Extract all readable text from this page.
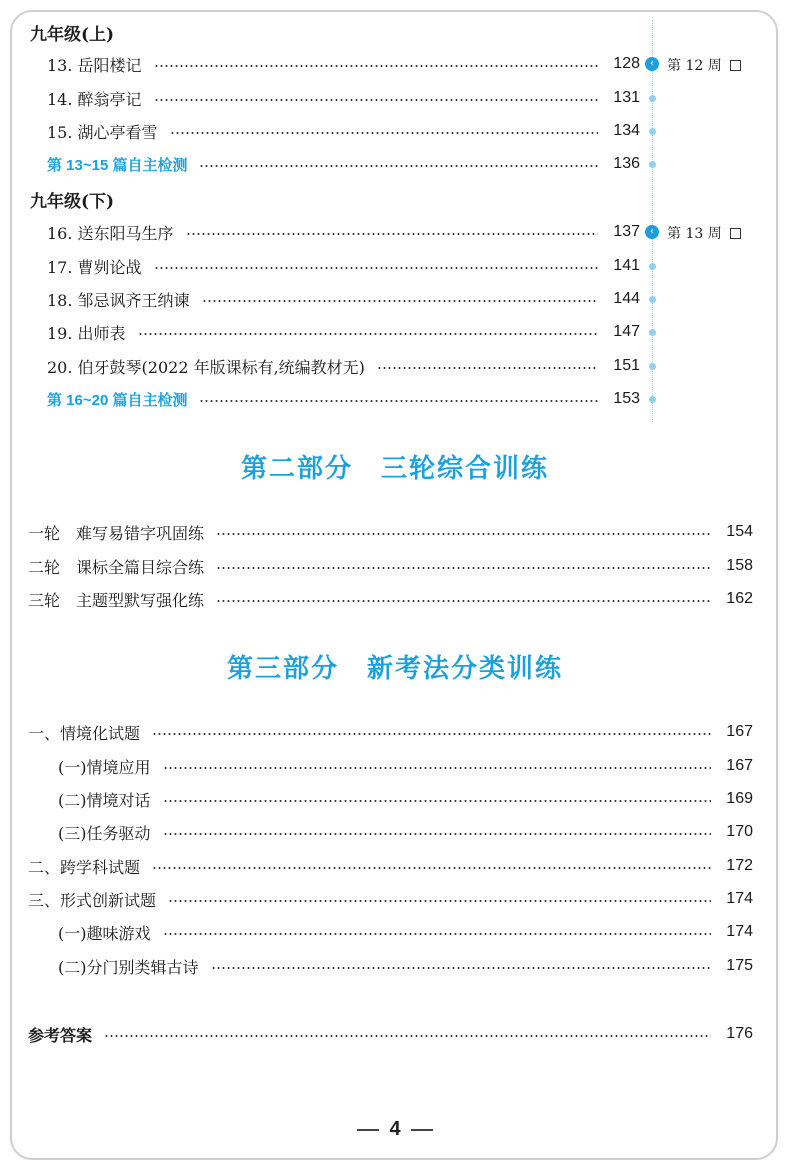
九年级(上)
13. 岳阳楼记	128
14. 醉翁亭记	131
15. 湖心亭看雪	134
第 13~15 篇自主检测	136
‹ 第 12 周
九年级(下)
16. 送东阳马生序	137
17. 曹刿论战	141
18. 邹忌讽齐王纳谏	144
19. 出师表	147
20. 伯牙鼓琴(2022 年版课标有,统编教材无)	151
第 16~20 篇自主检测	153
‹ 第 13 周
第二部分　三轮综合训练
一轮　难写易错字巩固练	154
二轮　课标全篇目综合练	158
三轮　主题型默写强化练	162
第三部分　新考法分类训练
一、情境化试题	167
(一)情境应用	167
(二)情境对话	169
(三)任务驱动	170
二、跨学科试题	172
三、形式创新试题	174
(一)趣味游戏	174
(二)分门别类辑古诗	175
参考答案	176
4
